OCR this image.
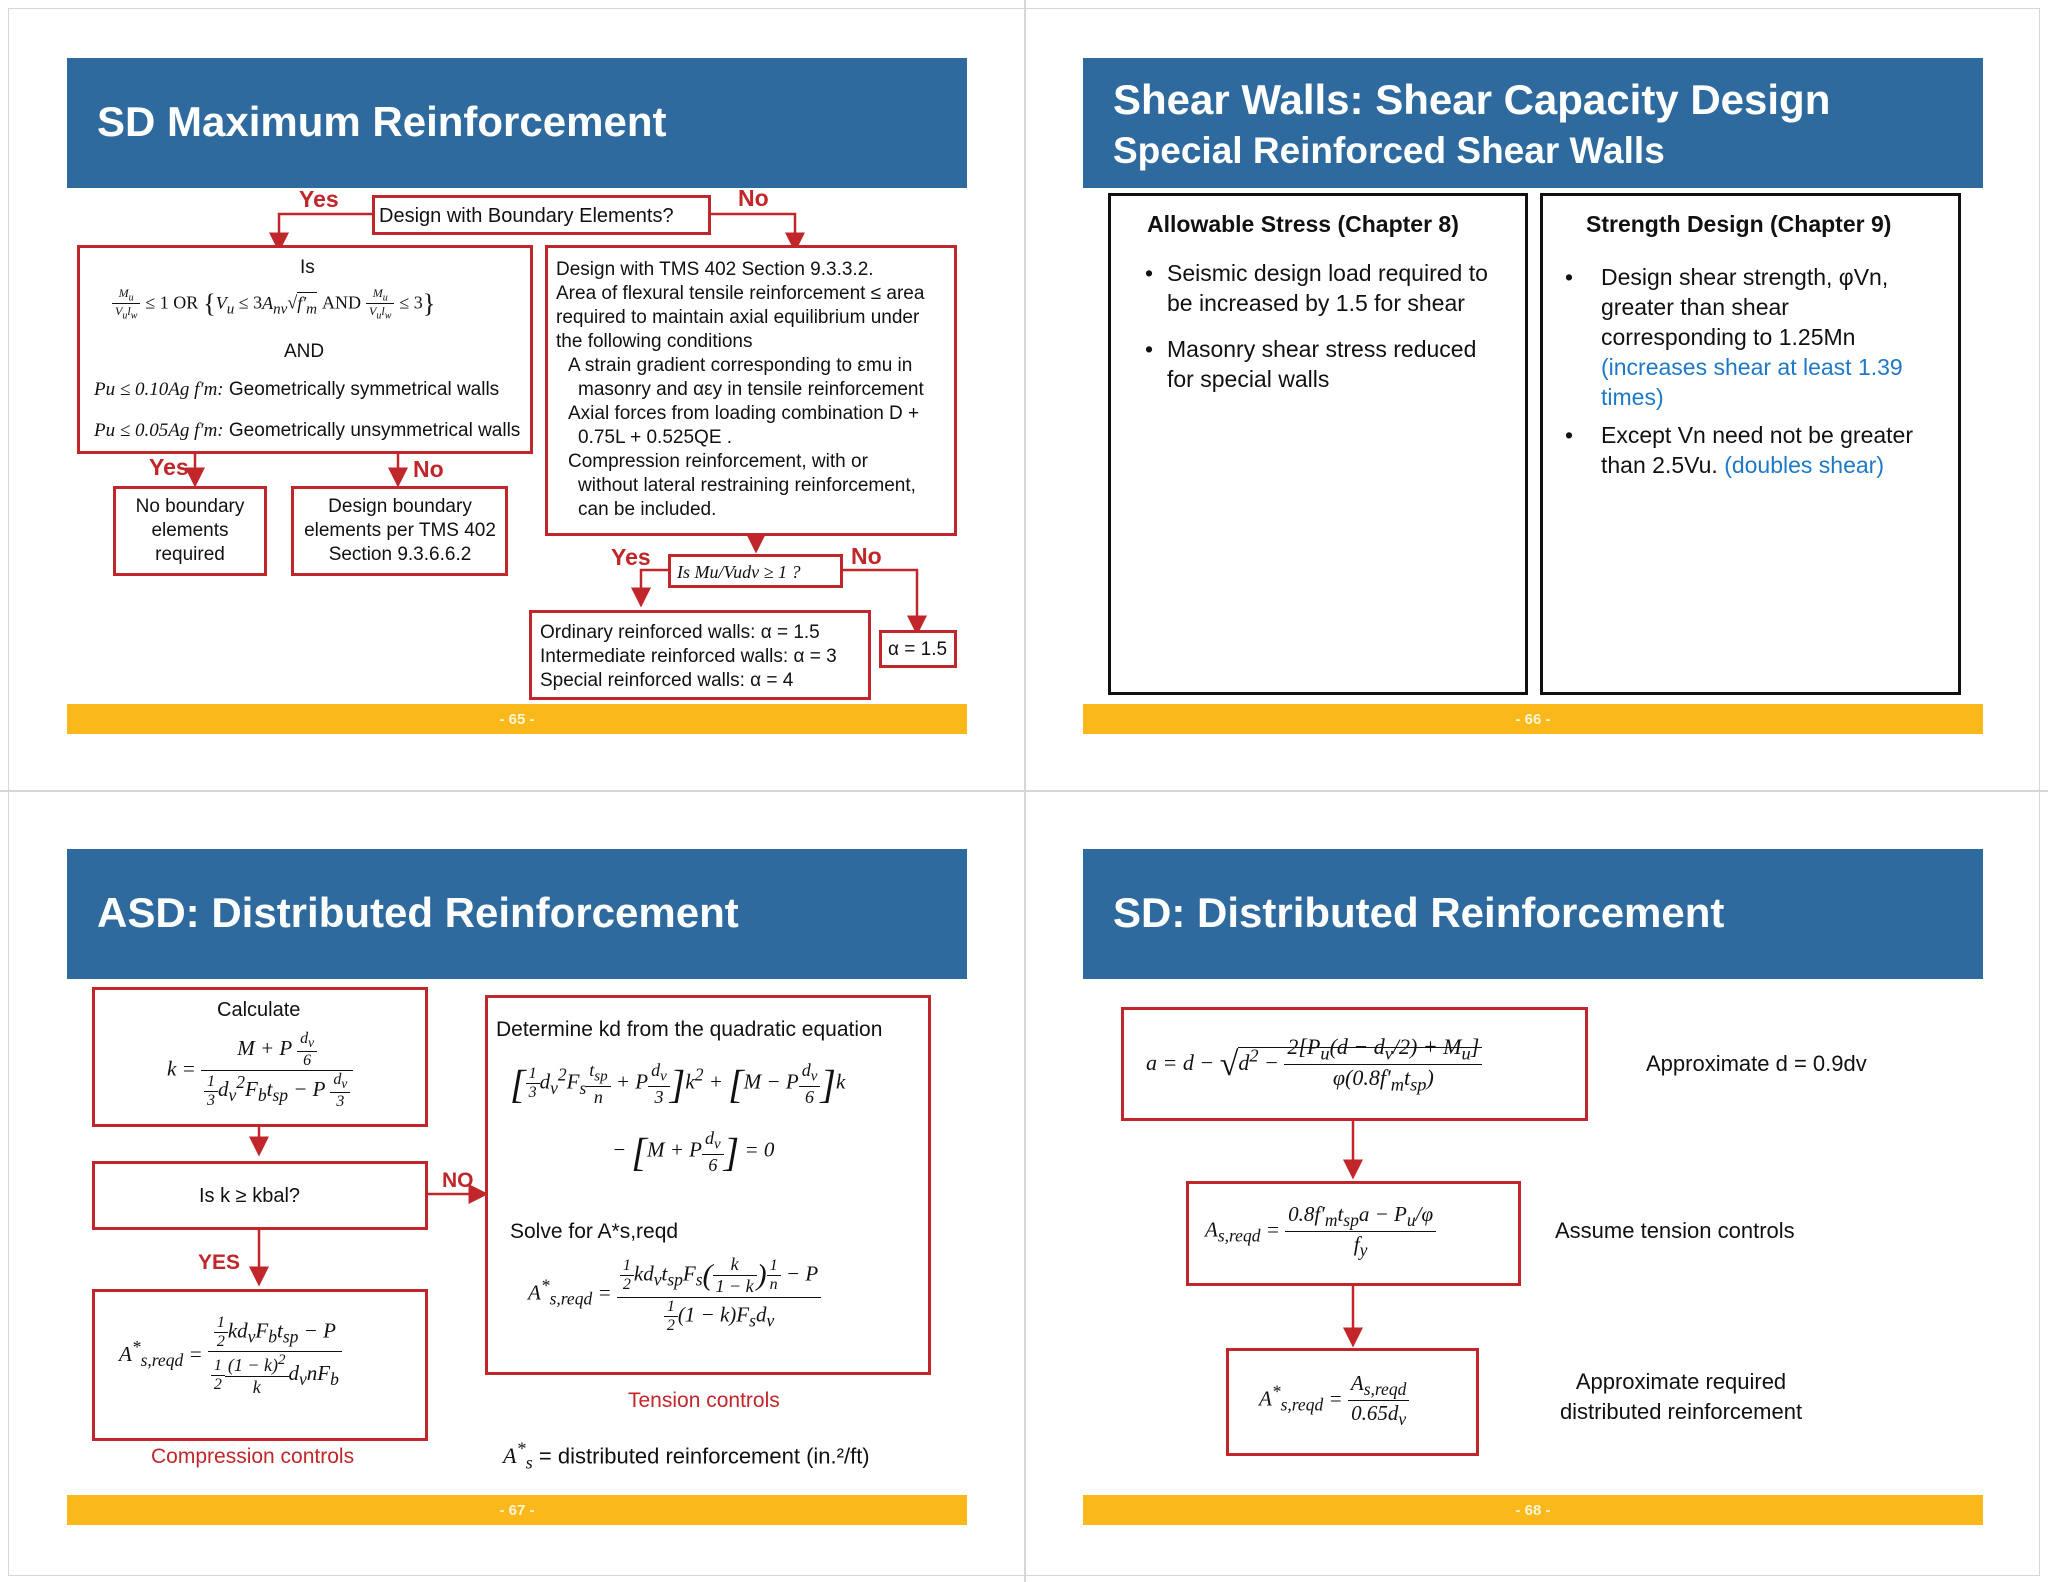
SD Maximum Reinforcement
Yes	No
Design with Boundary Elements?
Is
$\frac{M_u}{V_ul_w} \le 1$ OR {$V_u \le 3A_{nv}√f'_m$ AND $\frac{M_u}{V_ul_w} \le 3$}
AND
Pu ≤ 0.10Ag f′m: Geometrically symmetrical walls
Pu ≤ 0.05Ag f′m: Geometrically unsymmetrical walls
Yes	No
No boundary elements required
Design boundary elements per TMS 402 Section 9.3.6.6.2
Design with TMS 402 Section 9.3.3.2.
Area of flexural tensile reinforcement ≤ area
required to maintain axial equilibrium under
the following conditions
A strain gradient corresponding to εmu in
masonry and αεy in tensile reinforcement
Axial forces from loading combination D +
0.75L + 0.525QE .
Compression reinforcement, with or
without lateral restraining reinforcement,
can be included.
Yes	No
Is Mu/Vudv ≥ 1 ?
Ordinary reinforced walls: α = 1.5
Intermediate reinforced walls: α = 3
Special reinforced walls: α = 4
α = 1.5
- 65 -
Shear Walls: Shear Capacity Design
Special Reinforced Shear Walls
Allowable Stress (Chapter 8)
• Seismic design load required to be increased by 1.5 for shear
• Masonry shear stress reduced for special walls
Strength Design (Chapter 9)
• Design shear strength, φVn, greater than shear corresponding to 1.25Mn (increases shear at least 1.39 times)
• Except Vn need not be greater than 2.5Vu. (doubles shear)
- 66 -
ASD: Distributed Reinforcement
Calculate
$k = \frac{M + P \frac{d_v}{6}}{\frac{1}{3} d_v^2F_bt_{sp} - P \frac{d_v}{3}}$
Is k ≥ kbal?
YES
NO
$A^*_{s,reqd} = \frac{\frac{1}{2} kd_vF_bt_{sp} - P}{\frac{1}{2} \frac{(1 - k)^2}{k} d_vnF_b}$
Compression controls
Determine kd from the quadratic equation
[ $\frac{1}{3} d_v^2F_s \frac{t_{sp}}{n} + P \frac{d_v}{3} ]k^2 + [M - P \frac{d_v}{6} ]k$
− [M + P $\frac{d_v}{6}$ ] = 0
Solve for A*s,reqd
$A^*_{s,reqd} = \frac{\frac{1}{2} kd_vt_{sp}F_s( \frac{k}{1 - k} ) \frac{1}{n} - P}{\frac{1}{2} (1 - k)F_sd_v}$
Tension controls
$A^*_s$ = distributed reinforcement (in.²/ft)
- 67 -
SD: Distributed Reinforcement
$a = d - √d^2 - \frac{2[P_u(d - d_v/2) + M_u]}{\varphi(0.8f'_mt_{sp})}$	Approximate d = 0.9dv
$A_{s,reqd} = \frac{0.8f'_mt_{sp}a - P_u/\varphi}{f_y}$	Assume tension controls
$A^*_{s,reqd} = \frac{A_{s,reqd}}{0.65d_v}$	Approximate required
distributed reinforcement
- 68 -
